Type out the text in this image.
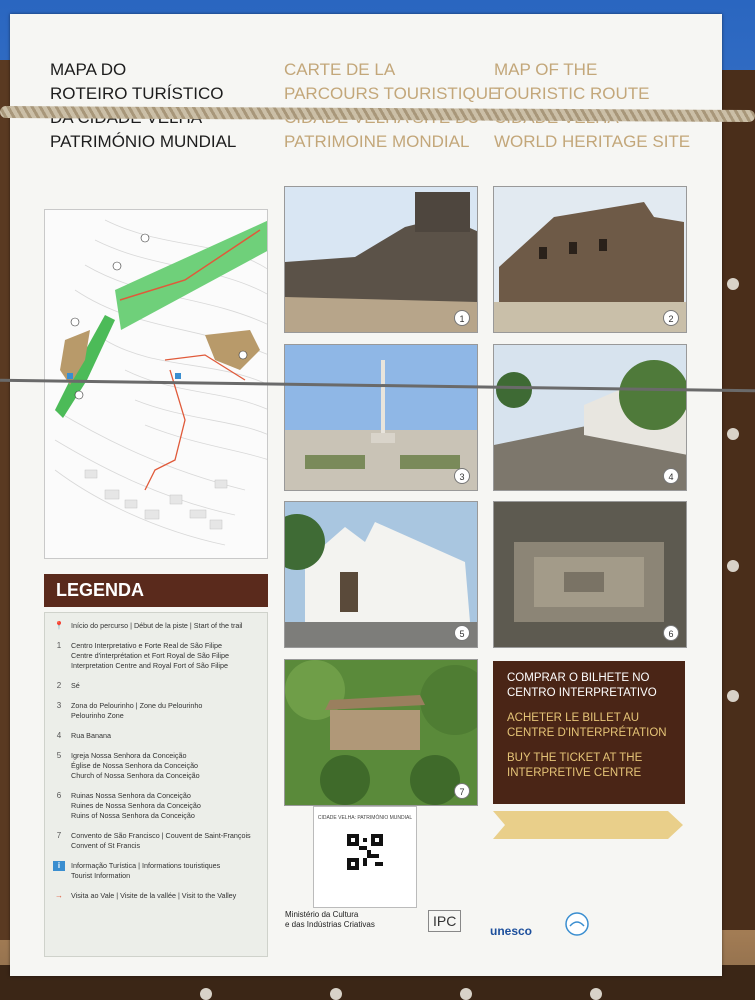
MAPA DO
ROTEIRO TURÍSTICO
PATRIMÓNIO MUNDIAL
CARTE DE LA
PARCOURS TOURISTIQUE
PATRIMOINE MONDIAL
MAP OF THE
TOURISTIC ROUTE
WORLD HERITAGE SITE
1	2
3	4
5	6
7
LEGENDA
📍 Início do percurso | Début de la piste | Start of the trail
1	Centro Interpretativo e Forte Real de São Filipe
Centre d'interprétation et Fort Royal de São Filipe
Interpretation Centre and Royal Fort of São Filipe
2	Sé
3	Zona do Pelourinho | Zone du Pelourinho
Pelourinho Zone
4	Rua Banana
5	Igreja Nossa Senhora da Conceição
Église de Nossa Senhora da Conceição
Church of Nossa Senhora da Conceição
6	Ruinas Nossa Senhora da Conceição
Ruines de Nossa Senhora da Conceição
Ruins of Nossa Senhora da Conceição
7	Convento de São Francisco | Couvent de Saint-François
Convent of St Francis
i	Informação Turística | Informations touristiques
Tourist Information
→ Visita ao Vale | Visite de la vallée | Visit to the Valley
COMPRAR O BILHETE NO CENTRO INTERPRETATIVO
ACHETER LE BILLET AU CENTRE D'INTERPRÉTATION
BUY THE TICKET AT THE INTERPRETIVE CENTRE
CIDADE VELHA: PATRIMÓNIO MUNDIAL
Ministério da Cultura
e das Indústrias Criativas	IPC
unesco
